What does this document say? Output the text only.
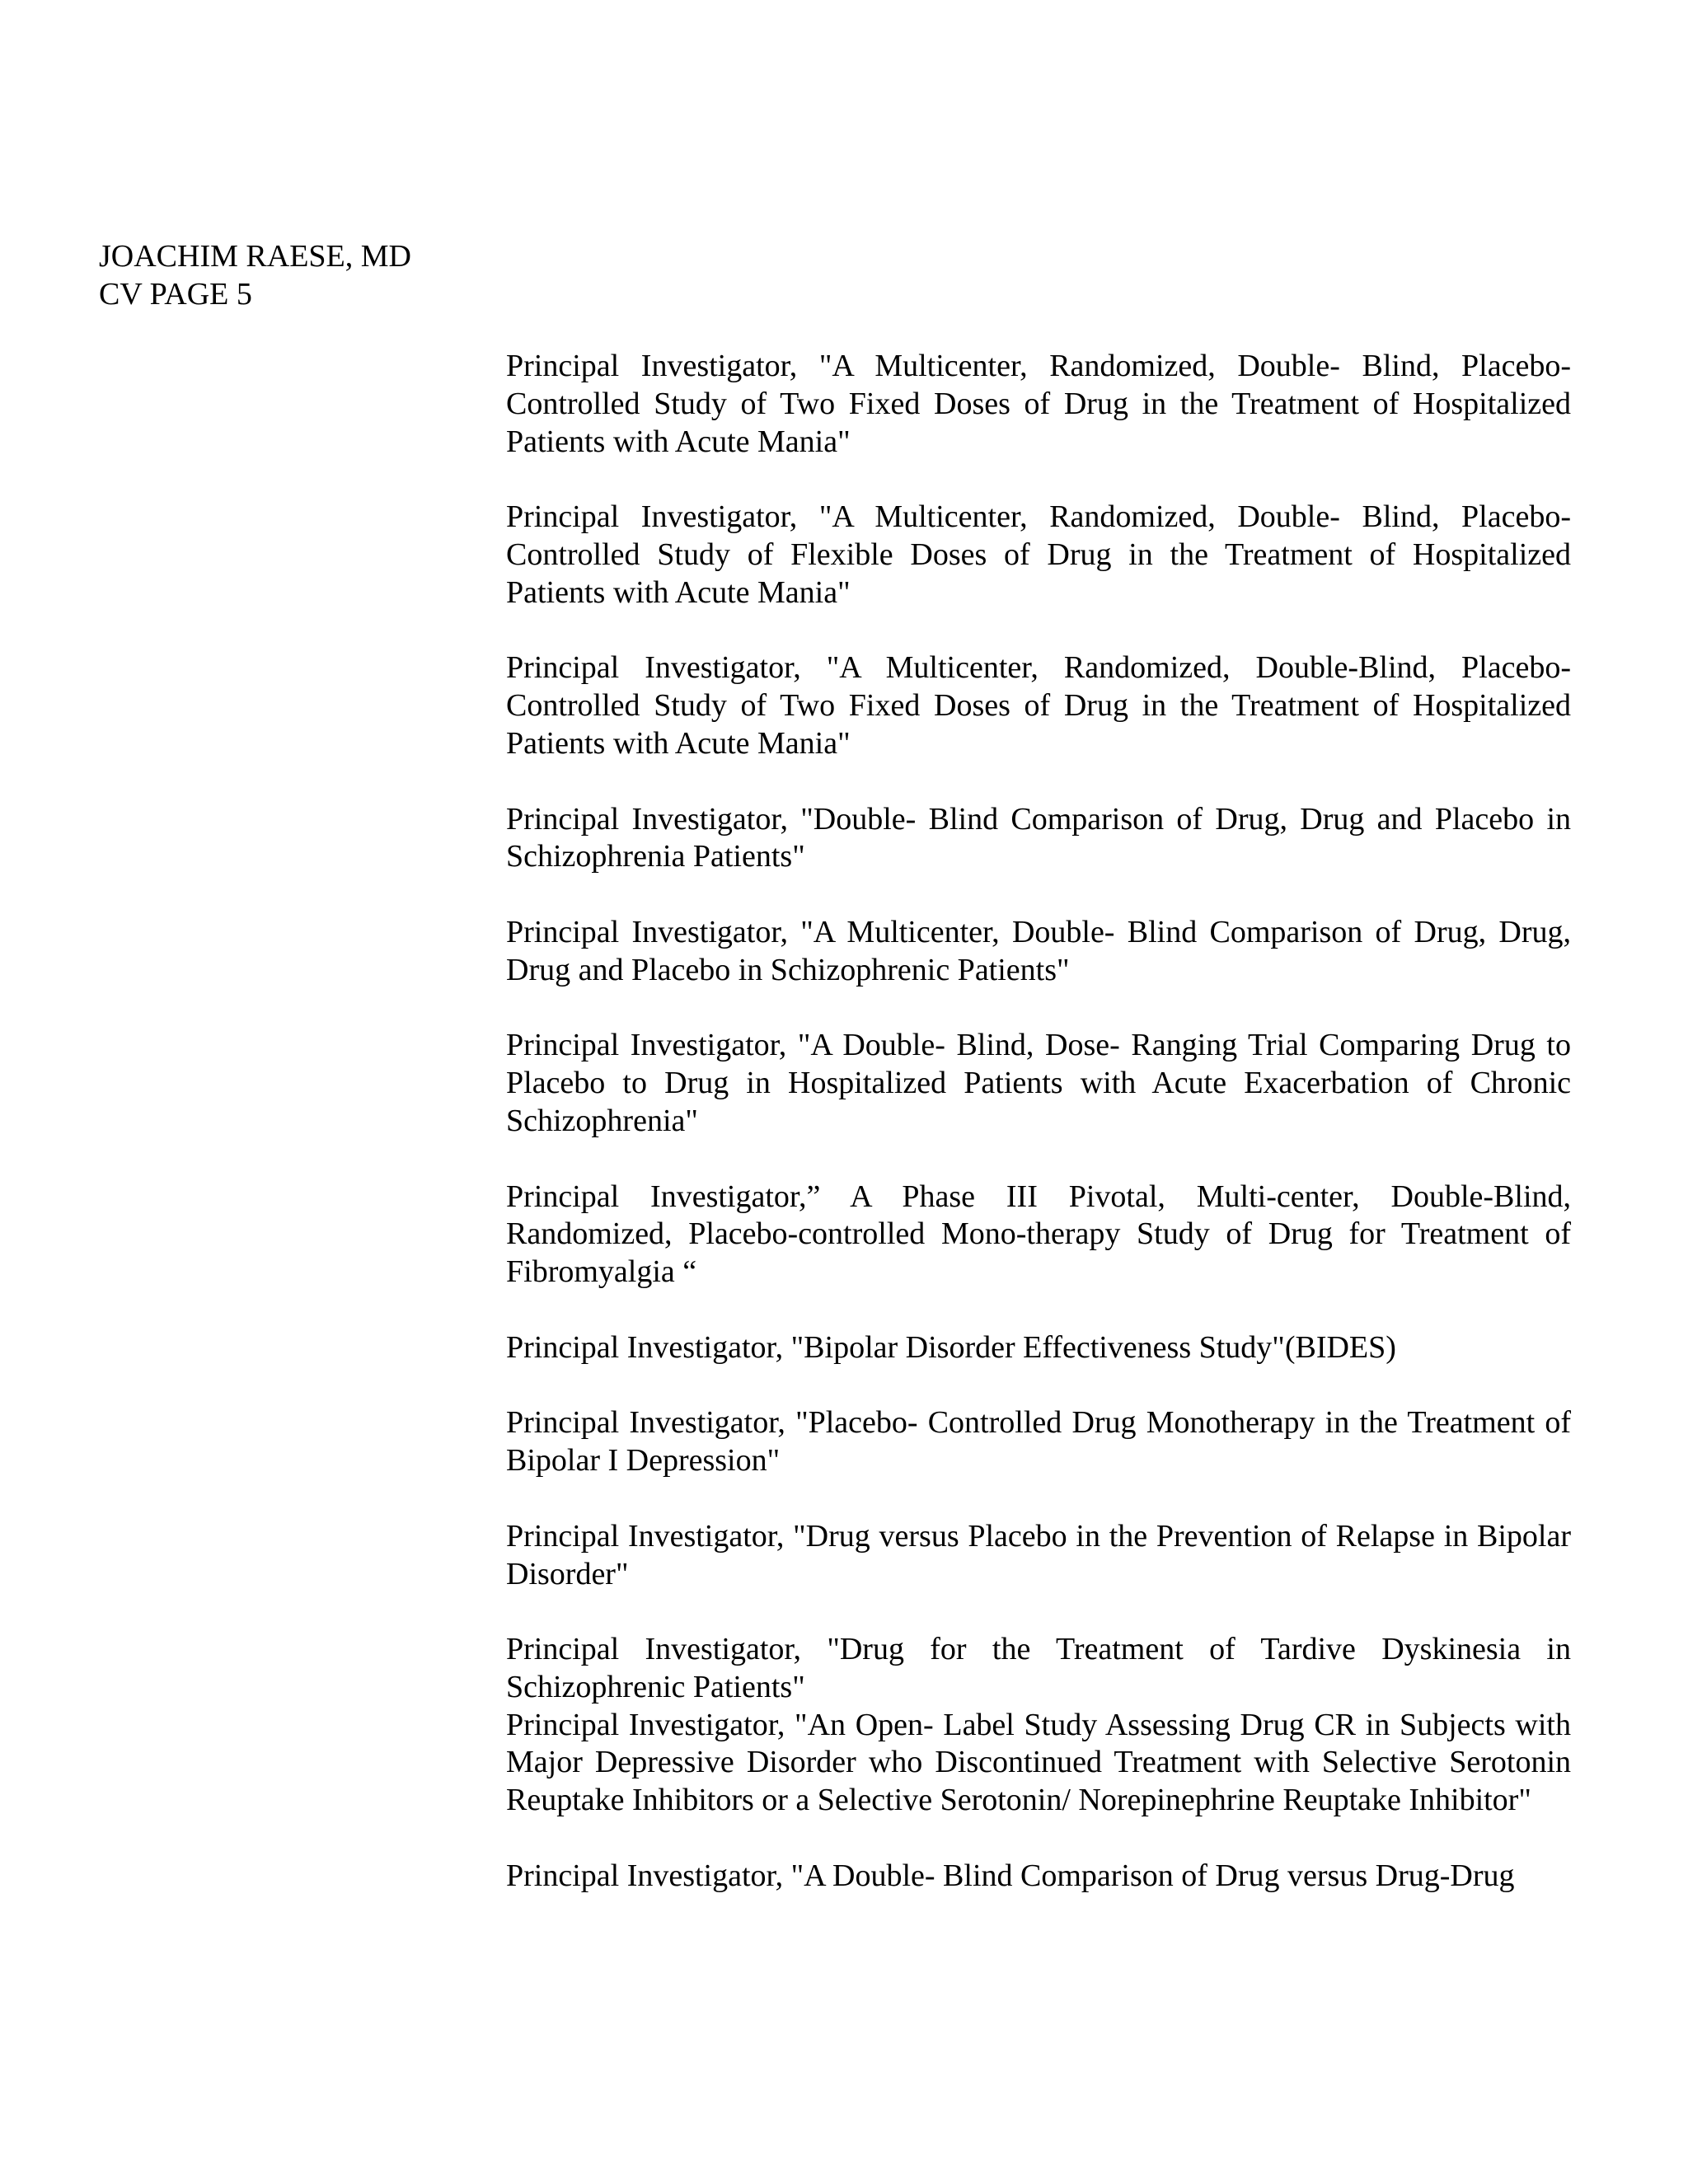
JOACHIM RAESE, MD
CV PAGE 5

Principal Investigator, "A Multicenter, Randomized, Double- Blind, Placebo-Controlled Study of Two Fixed Doses of Drug in the Treatment of Hospitalized Patients with Acute Mania"

Principal Investigator, "A Multicenter, Randomized, Double- Blind, Placebo-Controlled Study of Flexible Doses of Drug in the Treatment of Hospitalized Patients with Acute Mania"

Principal Investigator, "A Multicenter, Randomized, Double-Blind, Placebo-Controlled Study of Two Fixed Doses of Drug in the Treatment of Hospitalized Patients with Acute Mania"

Principal Investigator, "Double- Blind Comparison of Drug, Drug and Placebo in Schizophrenia Patients"

Principal Investigator, "A Multicenter, Double- Blind Comparison of Drug, Drug, Drug and Placebo in Schizophrenic Patients"

Principal Investigator, "A Double- Blind, Dose- Ranging Trial Comparing Drug to Placebo to Drug in Hospitalized Patients with Acute Exacerbation of Chronic Schizophrenia"

Principal Investigator,” A Phase III Pivotal, Multi-center, Double-Blind, Randomized, Placebo-controlled Mono-therapy Study of Drug for Treatment of Fibromyalgia “

Principal Investigator, "Bipolar Disorder Effectiveness Study"(BIDES)

Principal Investigator, "Placebo- Controlled Drug Monotherapy in the Treatment of Bipolar I Depression"

Principal Investigator, "Drug versus Placebo in the Prevention of Relapse in Bipolar Disorder"

Principal Investigator, "Drug for the Treatment of Tardive Dyskinesia in Schizophrenic Patients"

Principal Investigator, "An Open- Label Study Assessing Drug CR in Subjects with Major Depressive Disorder who Discontinued Treatment with Selective Serotonin Reuptake Inhibitors or a Selective Serotonin/ Norepinephrine Reuptake Inhibitor"

Principal Investigator, "A Double- Blind Comparison of Drug versus Drug-Drug
